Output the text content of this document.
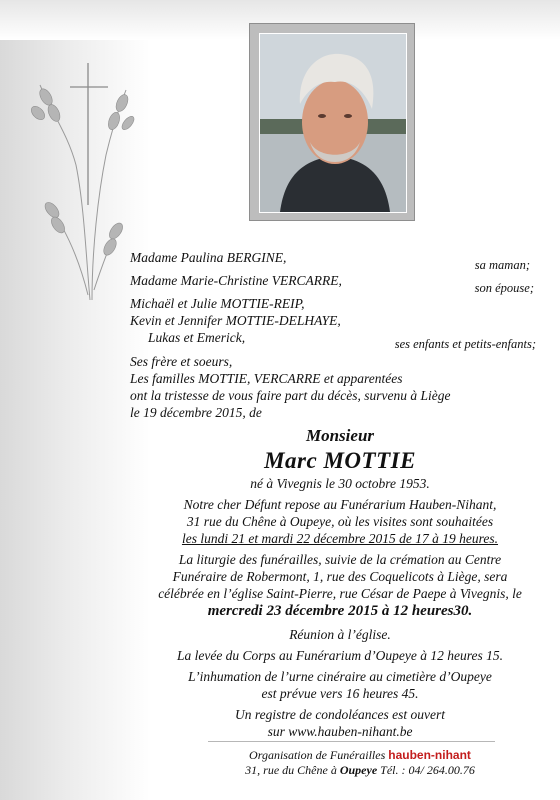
Madame Paulina BERGINE,	sa maman;
Madame Marie-Christine VERCARRE,	son épouse;
Michaël et Julie MOTTIE-REIP,
Kevin et Jennifer MOTTIE-DELHAYE,
Lukas et Emerick,	ses enfants et petits-enfants;
Ses frère et soeurs,
Les familles MOTTIE, VERCARRE et apparentées
ont la tristesse de vous faire part du décès, survenu à Liège
le 19 décembre 2015, de
Monsieur
Marc MOTTIE
né à Vivegnis le 30 octobre 1953.
Notre cher Défunt repose au Funérarium Hauben-Nihant,
31 rue du Chêne à Oupeye, où les visites sont souhaitées
les lundi 21 et mardi 22 décembre 2015 de 17 à 19 heures.
La liturgie des funérailles, suivie de la crémation au Centre
Funéraire de Robermont, 1, rue des Coquelicots à Liège, sera
célébrée en l’église Saint-Pierre, rue César de Paepe à Vivegnis, le
mercredi 23 décembre 2015 à 12 heures30.
Réunion à l’église.
La levée du Corps au Funérarium d’Oupeye à 12 heures 15.
L’inhumation de l’urne cinéraire au cimetière d’Oupeye
est prévue vers 16 heures 45.
Un registre de condoléances est ouvert
sur www.hauben-nihant.be
Organisation de Funérailles hauben-nihant
31, rue du Chêne à Oupeye Tél. : 04/ 264.00.76
